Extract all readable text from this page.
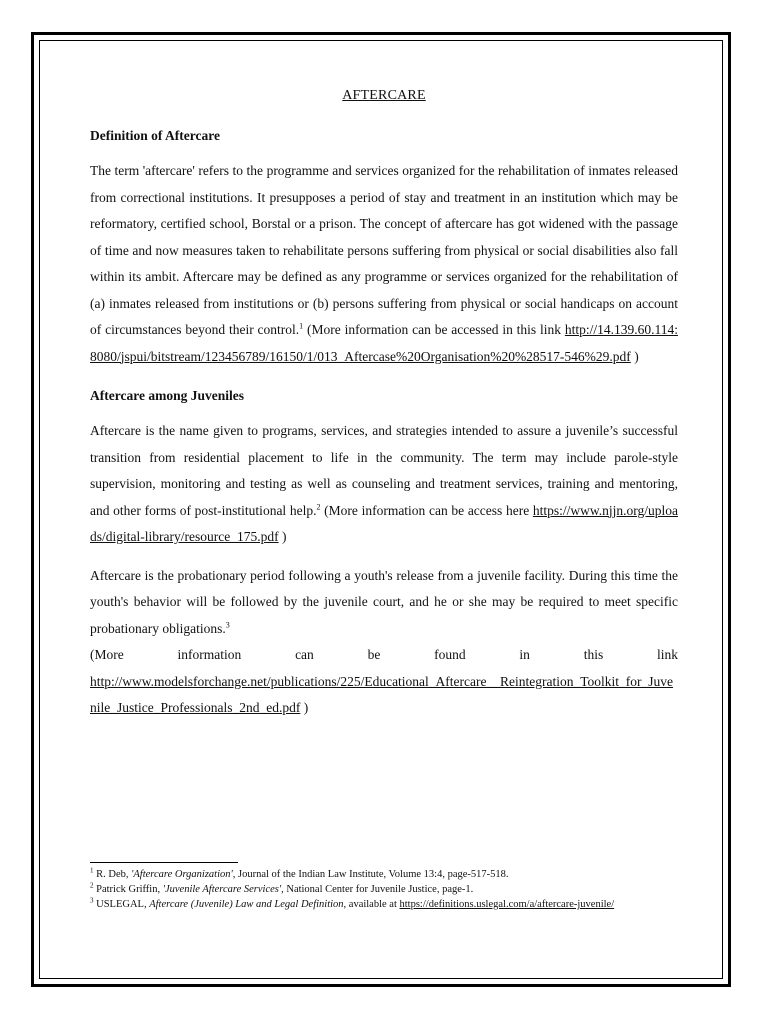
AFTERCARE
Definition of Aftercare

The term 'aftercare' refers to the programme and services organized for the rehabilitation of inmates released from correctional institutions. It presupposes a period of stay and treatment in an institution which may be reformatory, certified school, Borstal or a prison. The concept of aftercare has got widened with the passage of time and now measures taken to rehabilitate persons suffering from physical or social disabilities also fall within its ambit. Aftercare may be defined as any programme or services organized for the rehabilitation of (a) inmates released from institutions or (b) persons suffering from physical or social handicaps on account of circumstances beyond their control.$^1$ (More information can be accessed in this link http://14.139.60.114:8080/jspui/bitstream/123456789/16150/1/013_Aftercase%20Organisation%20%28517-546%29.pdf )

Aftercare among Juveniles

Aftercare is the name given to programs, services, and strategies intended to assure a juvenile’s successful transition from residential placement to life in the community. The term may include parole-style supervision, monitoring and testing as well as counseling and treatment services, training and mentoring, and other forms of post-institutional help.$^2$ (More information can be access here https://www.njjn.org/uploads/digital-library/resource_175.pdf )

Aftercare is the probationary period following a youth's release from a juvenile facility. During this time the youth's behavior will be followed by the juvenile court, and he or she may be required to meet specific probationary obligations.$^3$

(More	information	can	be	found	in	this	link

http://www.modelsforchange.net/publications/225/Educational_Aftercare__Reintegration_Toolkit_for_Juvenile_Justice_Professionals_2nd_ed.pdf )

$^1$ R. Deb, 'Aftercare Organization', Journal of the Indian Law Institute, Volume 13:4, page-517-518.
$^2$ Patrick Griffin, 'Juvenile Aftercare Services', National Center for Juvenile Justice, page-1.
$^3$ USLEGAL, Aftercare (Juvenile) Law and Legal Definition, available at https://definitions.uslegal.com/a/aftercare-juvenile/
